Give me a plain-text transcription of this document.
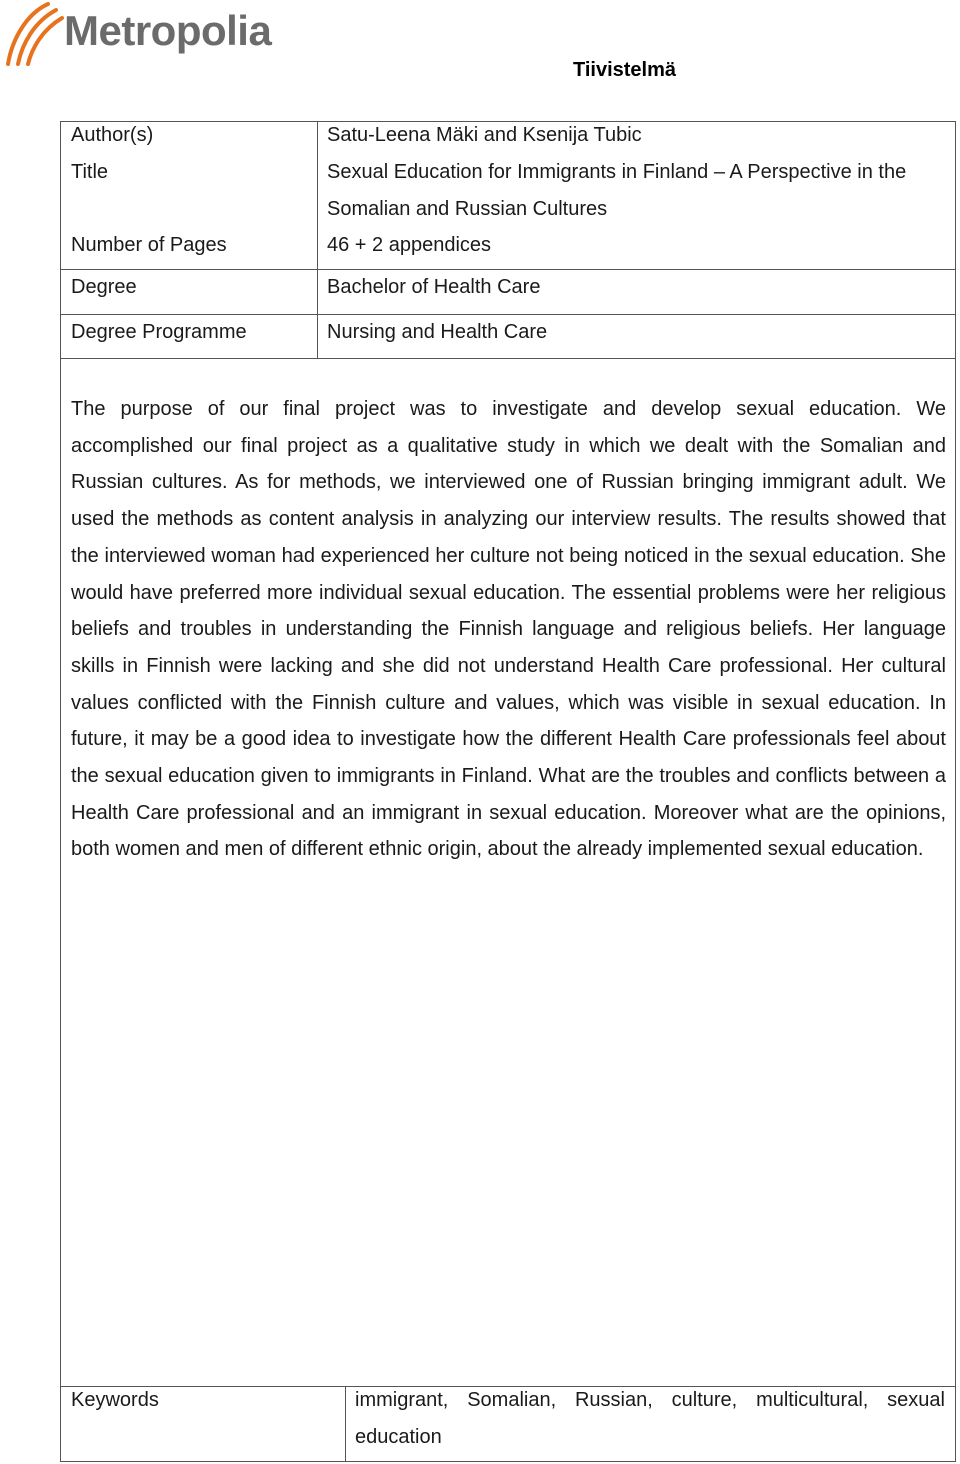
Metropolia
Tiivistelmä
Author(s)	Satu-Leena Mäki and Ksenija Tubic
Title	Sexual Education for Immigrants in Finland – A Perspective in the
Somalian and Russian Cultures
Number of Pages	46 + 2 appendices
Degree	Bachelor of Health Care
Degree Programme	Nursing and Health Care

The purpose of our final project was to investigate and develop sexual education. We accomplished our final project as a qualitative study in which we dealt with the Somalian and Russian cultures. As for methods, we interviewed one of Russian bringing immigrant adult. We used the methods as content analysis in analyzing our interview results. The results showed that the interviewed woman had experienced her culture not being noticed in the sexual education. She would have preferred more individual sexual education. The essential problems were her religious beliefs and troubles in understanding the Finnish language and religious beliefs. Her language skills in Finnish were lacking and she did not understand Health Care professional. Her cultural values conflicted with the Finnish culture and values, which was visible in sexual education. In future, it may be a good idea to investigate how the different Health Care professionals feel about the sexual education given to immigrants in Finland. What are the troubles and conflicts between a Health Care professional and an immigrant in sexual education. Moreover what are the opinions, both women and men of different ethnic origin, about the already implemented sexual education.

Keywords	immigrant, Somalian, Russian, culture, multicultural, sexual education
